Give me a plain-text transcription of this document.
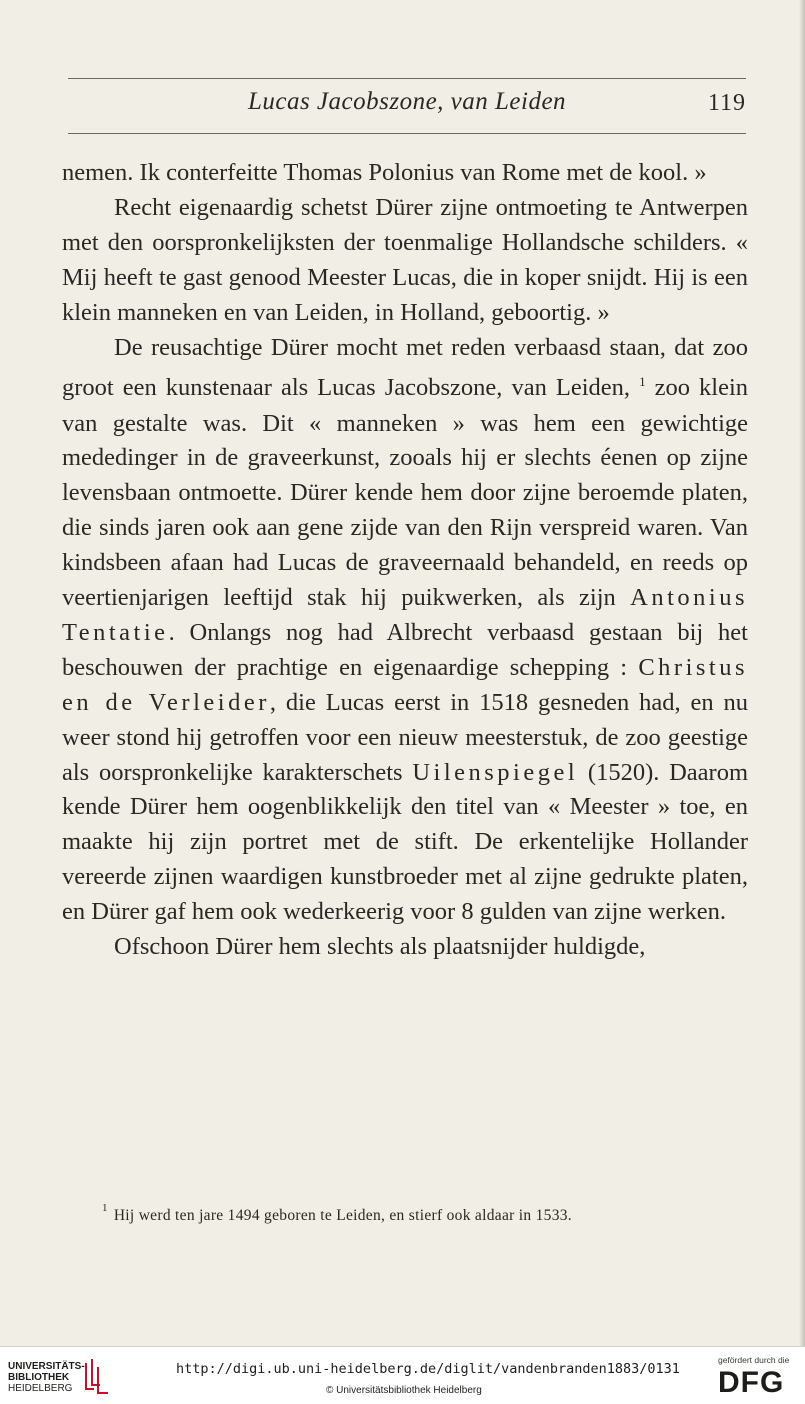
Lucas Jacobszone, van Leiden	119

nemen. Ik conterfeitte Thomas Polonius van Rome met de kool. »

Recht eigenaardig schetst Dürer zijne ontmoeting te Antwerpen met den oorspronkelijksten der toenmalige Hollandsche schilders. « Mij heeft te gast genood Meester Lucas, die in koper snijdt. Hij is een klein manneken en van Leiden, in Holland, geboortig. »

De reusachtige Dürer mocht met reden verbaasd staan, dat zoo groot een kunstenaar als Lucas Jacobszone, van Leiden, $^1$ zoo klein van gestalte was. Dit « manneken » was hem een gewichtige mededinger in de graveerkunst, zooals hij er slechts éenen op zijne levensbaan ontmoette. Dürer kende hem door zijne beroemde platen, die sinds jaren ook aan gene zijde van den Rijn verspreid waren. Van kindsbeen afaan had Lucas de graveernaald behandeld, en reeds op veertienjarigen leeftijd stak hij puikwerken, als zijn Antonius Tentatie. Onlangs nog had Albrecht verbaasd gestaan bij het beschouwen der prachtige en eigenaardige schepping : Christus en de Verleider, die Lucas eerst in 1518 gesneden had, en nu weer stond hij getroffen voor een nieuw meesterstuk, de zoo geestige als oorspronkelijke karakterschets Uilenspiegel (1520). Daarom kende Dürer hem oogenblikkelijk den titel van « Meester » toe, en maakte hij zijn portret met de stift. De erkentelijke Hollander vereerde zijnen waardigen kunstbroeder met al zijne gedrukte platen, en Dürer gaf hem ook wederkeerig voor 8 gulden van zijne werken.

Ofschoon Dürer hem slechts als plaatsnijder huldigde,

$^1$ Hij werd ten jare 1494 geboren te Leiden, en stierf ook aldaar in 1533.
UNIVERSITÄTS-
BIBLIOTHEK
HEIDELBERG
http://digi.ub.uni-heidelberg.de/diglit/vandenbranden1883/0131
© Universitätsbibliothek Heidelberg
gefördert durch die
DFG
